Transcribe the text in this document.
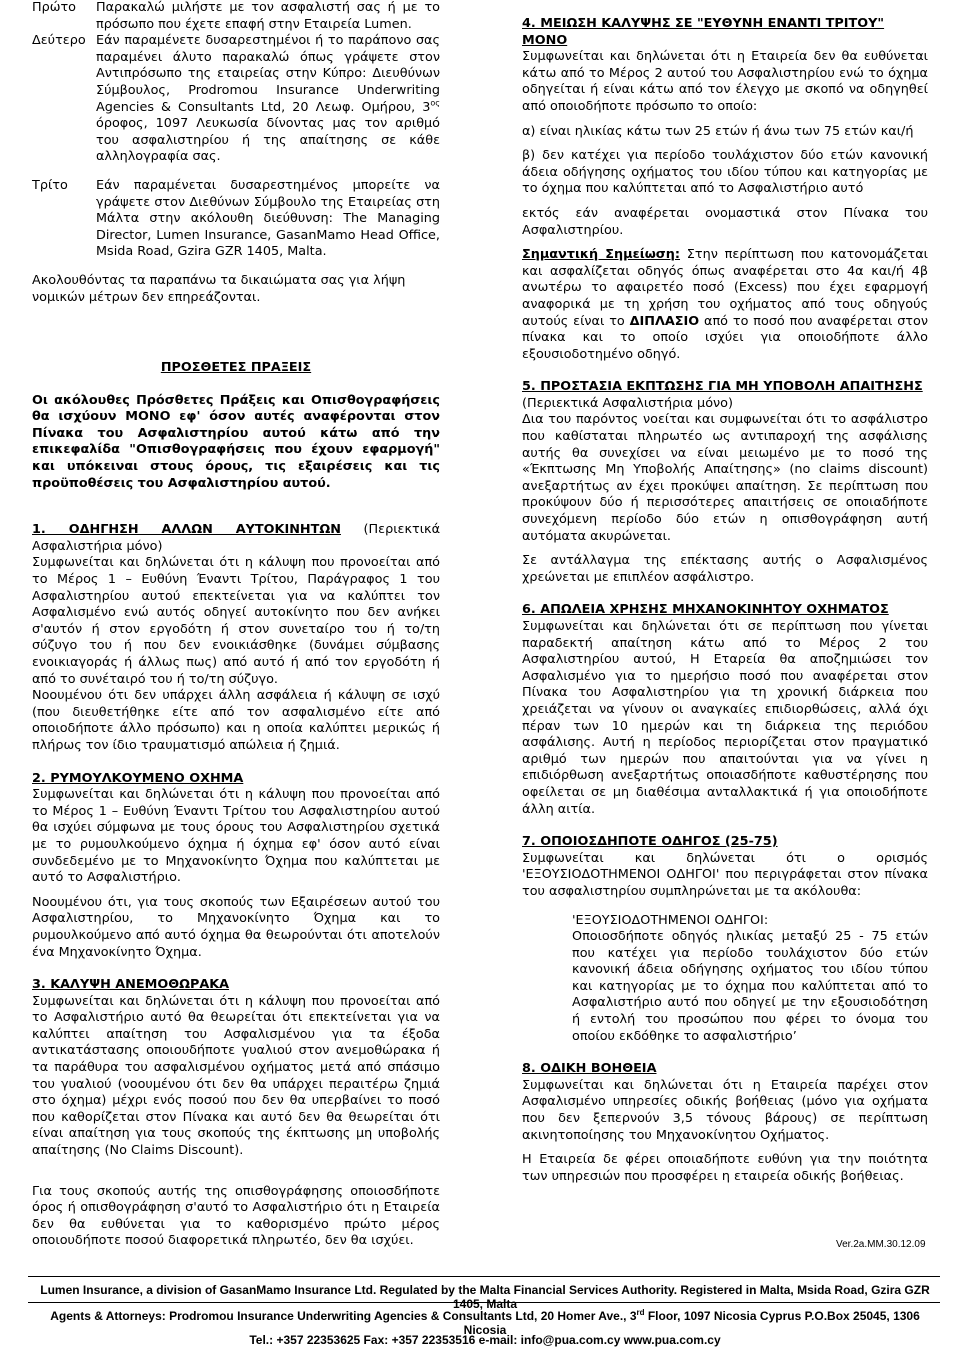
Πρώτο	Παρακαλώ μιλήστε με τον ασφαλιστή σας ή με το πρόσωπο που έχετε επαφή στην Εταιρεία Lumen.
Δεύτερο Εάν παραμένετε δυσαρεστημένοι ή το παράπονο σας παραμένει άλυτο παρακαλώ όπως γράψετε στον Αντιπρόσωπο της εταιρείας στην Κύπρο: Διευθύνων Σύμβουλος, Prodromou Insurance Underwriting Agencies & Consultants Ltd, 20 Λεωφ. Ομήρου, $3^{o\varsigma}$ όροφος, 1097 Λευκωσία δίνοντας μας τον αριθμό του ασφαλιστηρίου ή της απαίτησης σε κάθε αλληλογραφία σας.
Τρίτο	Εάν παραμένεται δυσαρεστημένος μπορείτε να γράψετε στον Διεθύνων Σύμβουλο της Εταιρείας στη Μάλτα στην ακόλουθη διεύθυνση: The Managing Director, Lumen Insurance, GasanMamo Head Office, Msida Road, Gzira GZR 1405, Malta.

Ακολουθόντας τα παραπάνω τα δικαιώματα σας για λήψη νομικών μέτρων δεν επηρεάζονται.

ΠΡΟΣΘΕΤΕΣ ΠΡΑΞΕΙΣ

Οι ακόλουθες Πρόσθετες Πράξεις και Οπισθογραφήσεις θα ισχύουν ΜΟΝΟ εφ' όσον αυτές αναφέρονται στον Πίνακα του Ασφαλιστηρίου αυτού κάτω από την επικεφαλίδα "Οπισθογραφήσεις που έχουν εφαρμογή" και υπόκειναι στους όρους, τις εξαιρέσεις και τις προϋποθέσεις του Ασφαλιστηρίου αυτού.

1. ΟΔΗΓΗΣΗ ΑΛΛΩΝ ΑΥΤΟΚΙΝΗΤΩΝ (Περιεκτικά Ασφαλιστήρια μόνο)

Συμφωνείται και δηλώνεται ότι η κάλυψη που προνοείται από το Μέρος 1 – Ευθύνη Έναντι Τρίτου, Παράγραφος 1 του Ασφαλιστηρίου αυτού επεκτείνεται για να καλύπτει τον Ασφαλισμένο ενώ αυτός οδηγεί αυτοκίνητο που δεν ανήκει σ'αυτόν ή στον εργοδότη ή στον συνεταίρο του ή το/τη σύζυγο του ή που δεν ενοικιάσθηκε (δυνάμει σύμβασης ενοικιαγοράς ή άλλως πως) από αυτό ή από τον εργοδότη ή από το συνέταιρό του ή το/τη σύζυγο.

Νοουμένου ότι δεν υπάρχει άλλη ασφάλεια ή κάλυψη σε ισχύ (που διευθετήθηκε είτε από τον ασφαλισμένο είτε από οποιοδήποτε άλλο πρόσωπο) και η οποία καλύπτει μερικώς ή πλήρως τον ίδιο τραυματισμό απώλεια ή ζημιά.

2. ΡΥΜΟΥΛΚΟΥΜΕΝΟ ΟΧΗΜΑ

Συμφωνείται και δηλώνεται ότι η κάλυψη που προνοείται από το Μέρος 1 – Ευθύνη Έναντι Τρίτου του Ασφαλιστηρίου αυτού θα ισχύει σύμφωνα με τους όρους του Ασφαλιστηρίου σχετικά με το ρυμουλκούμενο όχημα ή όχημα εφ' όσον αυτό είναι συνδεδεμένο με το Μηχανοκίνητο Όχημα που καλύπτεται με αυτό το Ασφαλιστήριο.

Νοουμένου ότι, για τους σκοπούς των Εξαιρέσεων αυτού του Ασφαλιστηρίου, το Μηχανοκίνητο Όχημα και το ρυμουλκούμενο από αυτό όχημα θα θεωρούνται ότι αποτελούν ένα Μηχανοκίνητο Όχημα.

3. ΚΑΛΥΨΗ ΑΝΕΜΟΘΩΡΑΚΑ

Συμφωνείται και δηλώνεται ότι η κάλυψη που προνοείται από το Ασφαλιστήριο αυτό θα θεωρείται ότι επεκτείνεται για να καλύπτει απαίτηση του Ασφαλισμένου για τα έξοδα αντικατάστασης οποιουδήποτε γυαλιού στον ανεμοθώρακα ή τα παράθυρα του ασφαλισμένου οχήματος μετά από σπάσιμο του γυαλιού (νοουμένου ότι δεν θα υπάρχει περαιτέρω ζημιά στο όχημα) μέχρι ενός ποσού που δεν θα υπερβαίνει το ποσό που καθορίζεται στον Πίνακα και αυτό δεν θα θεωρείται ότι είναι απαίτηση για τους σκοπούς της έκπτωσης μη υποβολής απαίτησης (No Claims Discount).

Για τους σκοπούς αυτής της οπισθογράφησης οποιοσδήποτε όρος ή οπισθογράφηση σ'αυτό το Ασφαλιστήριο ότι η Εταιρεία δεν θα ευθύνεται για το καθορισμένο πρώτο μέρος οποιουδήποτε ποσού διαφορετικά πληρωτέο, δεν θα ισχύει.

4. ΜΕΙΩΣΗ ΚΑΛΥΨΗΣ ΣΕ "ΕΥΘΥΝΗ ΕΝΑΝΤΙ ΤΡΙΤΟΥ" ΜΟΝΟ

Συμφωνείται και δηλώνεται ότι η Εταιρεία δεν θα ευθύνεται κάτω από το Μέρος 2 αυτού του Ασφαλιστηρίου ενώ το όχημα οδηγείται ή είναι κάτω από τον έλεγχο με σκοπό να οδηγηθεί από οποιοδήποτε πρόσωπο το οποίο:

α) είναι ηλικίας κάτω των 25 ετών ή άνω των 75 ετών και/ή

β) δεν κατέχει για περίοδο τουλάχιστον δύο ετών κανονική άδεια οδήγησης οχήματος του ιδίου τύπου και κατηγορίας με το όχημα που καλύπτεται από το Ασφαλιστήριο αυτό

εκτός εάν αναφέρεται ονομαστικά στον Πίνακα του Ασφαλιστηρίου.

Σημαντική Σημείωση: Στην περίπτωση που κατονομάζεται και ασφαλίζεται οδηγός όπως αναφέρεται στο 4α και/ή 4β ανωτέρω το αφαιρετέο ποσό (Excess) που έχει εφαρμογή αναφορικά με τη χρήση του οχήματος από τους οδηγούς αυτούς είναι το ΔΙΠΛΑΣΙΟ από το ποσό που αναφέρεται στον πίνακα και το οποίο ισχύει για οποιοδήποτε άλλο εξουσιοδοτημένο οδηγό.

5. ΠΡΟΣΤΑΣΙΑ ΕΚΠΤΩΣΗΣ ΓΙΑ ΜΗ ΥΠΟΒΟΛΗ ΑΠΑΙΤΗΣΗΣ

(Περιεκτικά Ασφαλιστήρια μόνο)

Δια του παρόντος νοείται και συμφωνείται ότι το ασφάλιστρο που καθίσταται πληρωτέο ως αντιπαροχή της ασφάλισης αυτής θα συνεχίσει να είναι μειωμένο με το ποσό της «Έκπτωσης Μη Υποβολής Απαίτησης» (no claims discount) ανεξαρτήτως αν έχει προκύψει απαίτηση. Σε περίπτωση που προκύψουν δύο ή περισσότερες απαιτήσεις σε οποιαδήποτε συνεχόμενη περίοδο δύο ετών η οπισθογράφηση αυτή αυτόματα ακυρώνεται.

Σε αντάλλαγμα της επέκτασης αυτής ο Ασφαλισμένος χρεώνεται με επιπλέον ασφάλιστρο.

6. ΑΠΩΛΕΙΑ ΧΡΗΣΗΣ ΜΗΧΑΝΟΚΙΝΗΤΟΥ ΟΧΗΜΑΤΟΣ

Συμφωνείται και δηλώνεται ότι σε περίπτωση που γίνεται παραδεκτή απαίτηση κάτω από το Μέρος 2 του Ασφαλιστηρίου αυτού, Η Εταρεία θα αποζημιώσει τον Ασφαλισμένο για το ημερήσιο ποσό που αναφέρεται στον Πίνακα του Ασφαλιστηρίου για τη χρονική διάρκεια που χρειάζεται να γίνουν οι αναγκαίες επιδιορθώσεις, αλλά όχι πέραν των 10 ημερών και τη διάρκεια της περιόδου ασφάλισης. Αυτή η περίοδος περιορίζεται στον πραγματικό αριθμό των ημερών που απαιτούνται για να γίνει η επιδιόρθωση ανεξαρτήτως οποιασδήποτε καθυστέρησης που οφείλεται σε μη διαθέσιμα ανταλλακτικά ή για οποιοδήποτε άλλη αιτία.

7. ΟΠΟΙΟΣΔΗΠΟΤΕ ΟΔΗΓΟΣ (25-75)

Συμφωνείται και δηλώνεται ότι ο ορισμός 'ΕΞΟΥΣΙΟΔΟΤΗΜΕΝΟΙ ΟΔΗΓΟΙ' που περιγράφεται στον πίνακα του ασφαλιστηρίου συμπληρώνεται με τα ακόλουθα:

'ΕΞΟΥΣΙΟΔΟΤΗΜΕΝΟΙ ΟΔΗΓΟΙ:

Οποιοσδήποτε οδηγός ηλικίας μεταξύ 25 - 75 ετών που κατέχει για περίοδο τουλάχιστον δύο ετών κανονική άδεια οδήγησης οχήματος του ιδίου τύπου και κατηγορίας με το όχημα που καλύπτεται από το Ασφαλιστήριο αυτό που οδηγεί με την εξουσιοδότηση ή εντολή του προσώπου που φέρει το όνομα του οποίου εκδόθηκε το ασφαλιστήριο’

8. ΟΔΙΚΗ ΒΟΗΘΕΙΑ

Συμφωνείται και δηλώνεται ότι η Εταιρεία παρέχει στον Ασφαλισμένο υπηρεσίες οδικής βοήθειας (μόνο για οχήματα που δεν ξεπερνούν 3,5 τόνους βάρους) σε περίπτωση ακινητοποίησης του Μηχανοκίνητου Οχήματος.

Η Εταιρεία δε φέρει οποιαδήποτε ευθύνη για την ποιότητα των υπηρεσιών που προσφέρει η εταιρεία οδικής βοήθειας.

Ver.2a.MM.30.12.09
Lumen Insurance, a division of GasanMamo Insurance Ltd. Regulated by the Malta Financial Services Authority. Registered in Malta, Msida Road, Gzira GZR 1405, Malta
Agents & Attorneys: Prodromou Insurance Underwriting Agencies & Consultants Ltd, 20 Homer Ave., 3rd Floor, 1097 Nicosia Cyprus P.O.Box 25045, 1306 Nicosia
Tel.: +357 22353625 Fax: +357 22353516 e-mail: info@pua.com.cy www.pua.com.cy
